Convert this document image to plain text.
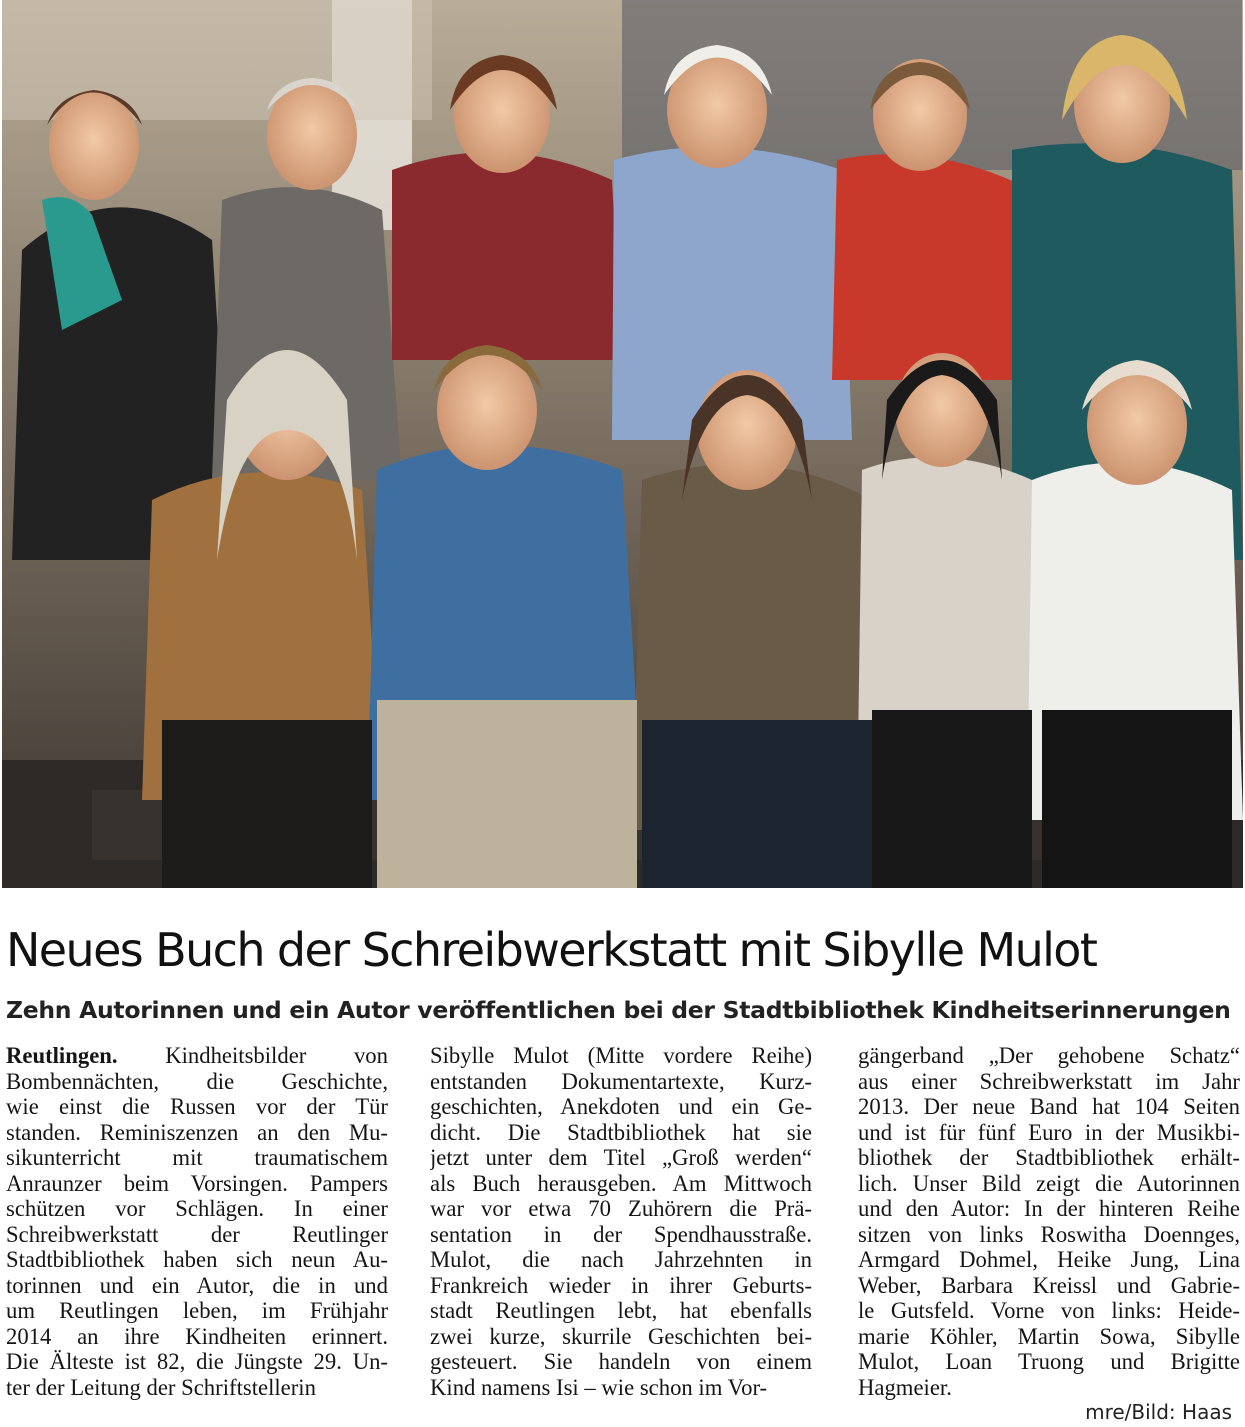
Neues Buch der Schreibwerkstatt mit Sibylle Mulot
Zehn Autorinnen und ein Autor veröffentlichen bei der Stadtbibliothek Kindheitserinnerungen
Reutlingen. Kindheitsbilder von
Bombennächten, die Geschichte,
wie einst die Russen vor der Tür
standen. Reminiszenzen an den Mu-
sikunterricht mit traumatischem
Anraunzer beim Vorsingen. Pampers
schützen vor Schlägen. In einer
Schreibwerkstatt der Reutlinger
Stadtbibliothek haben sich neun Au-
torinnen und ein Autor, die in und
um Reutlingen leben, im Frühjahr
2014 an ihre Kindheiten erinnert.
Die Älteste ist 82, die Jüngste 29. Un-
ter der Leitung der Schriftstellerin
Sibylle Mulot (Mitte vordere Reihe)
entstanden Dokumentartexte, Kurz-
geschichten, Anekdoten und ein Ge-
dicht. Die Stadtbibliothek hat sie
jetzt unter dem Titel „Groß werden“
als Buch herausgeben. Am Mittwoch
war vor etwa 70 Zuhörern die Prä-
sentation in der Spendhausstraße.
Mulot, die nach Jahrzehnten in
Frankreich wieder in ihrer Geburts-
stadt Reutlingen lebt, hat ebenfalls
zwei kurze, skurrile Geschichten bei-
gesteuert. Sie handeln von einem
Kind namens Isi – wie schon im Vor-
gängerband „Der gehobene Schatz“
aus einer Schreibwerkstatt im Jahr
2013. Der neue Band hat 104 Seiten
und ist für fünf Euro in der Musikbi-
bliothek der Stadtbibliothek erhält-
lich. Unser Bild zeigt die Autorinnen
und den Autor: In der hinteren Reihe
sitzen von links Roswitha Doennges,
Armgard Dohmel, Heike Jung, Lina
Weber, Barbara Kreissl und Gabrie-
le Gutsfeld. Vorne von links: Heide-
marie Köhler, Martin Sowa, Sibylle
Mulot, Loan Truong und Brigitte
Hagmeier.
mre/Bild: Haas
